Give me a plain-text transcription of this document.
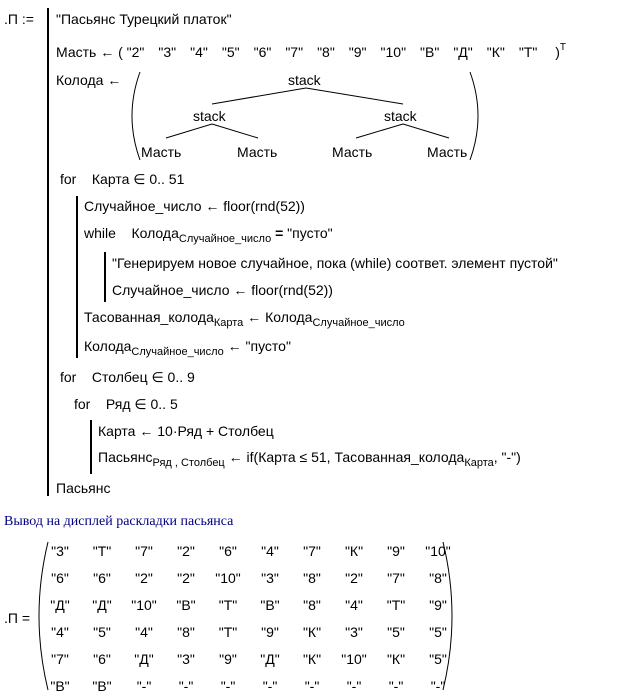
.П := "Пасьянс Турецкий платок"
Масть ← ( "2" "3" "4" "5" "6" "7" "8" "9" "10" "В" "Д" "К" "Т" )$^T$
Колода ←	stack
stack	stack
Масть	Масть	Масть	Масть
for Карта ∈ 0.. 51
Случайное_число ← floor(rnd(52))
while Колода$_{Случайное\_число}$ = "пусто"
"Генерируем новое случайное, пока (while) соответ. элемент пустой"
Случайное_число ← floor(rnd(52))
Тасованная_колода$_{Карта}$ ← Колода$_{Случайное\_число}$
Колода$_{Случайное\_число}$ ← "пусто"
for Столбец ∈ 0.. 9
for Ряд ∈ 0.. 5
Карта ← 10·Ряд + Столбец
Пасьянс$_{Ряд , Столбец}$ ← if(Карта ≤ 51, Тасованная_колода$_{Карта}$, "-")
Пасьянс
Вывод на дисплей раскладки пасьянса
.П =
"3"	"Т"	"7"	"2"	"6"	"4"	"7"	"К"	"9"	"10"
"6"	"6"	"2"	"2"	"10"	"3"	"8"	"2"	"7"	"8"
"Д"	"Д"	"10"	"В"	"Т"	"В"	"8"	"4"	"Т"	"9"
"4"	"5"	"4"	"8"	"Т"	"9"	"К"	"3"	"5"	"5"
"7"	"6"	"Д"	"3"	"9"	"Д"	"К"	"10"	"К"	"5"
"В"	"В"	"-"	"-"	"-"	"-"	"-"	"-"	"-"	"-"
